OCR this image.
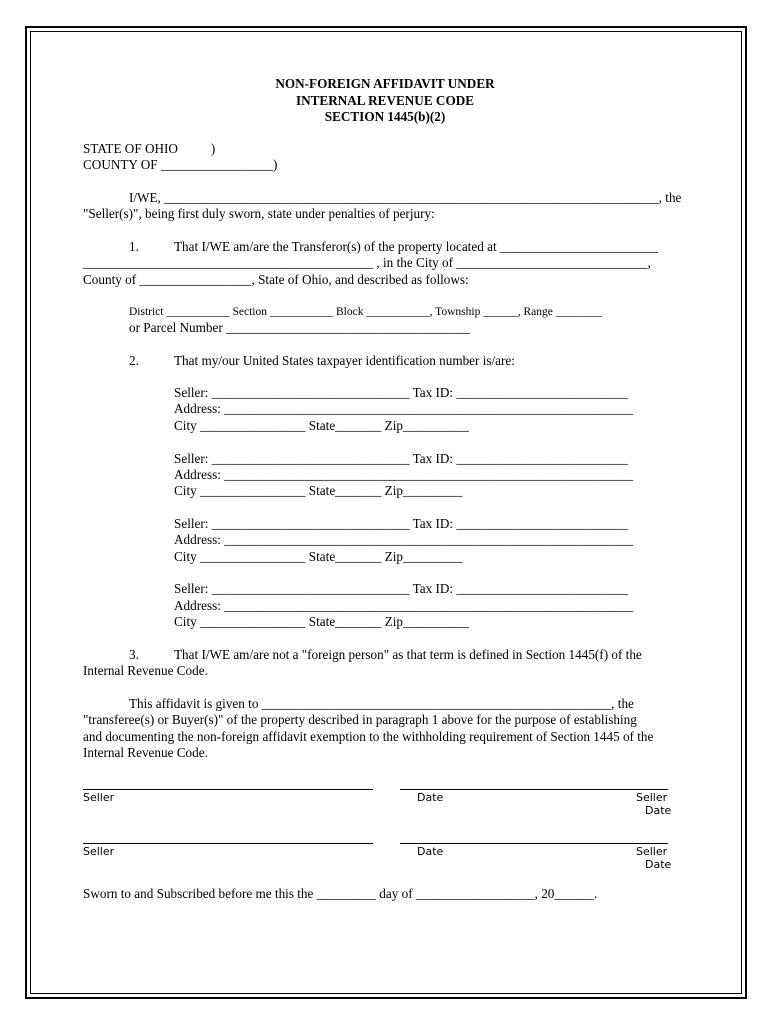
NON-FOREIGN AFFIDAVIT UNDER
INTERNAL REVENUE CODE
SECTION 1445(b)(2)
STATE OF OHIO          )
COUNTY OF _________________)
I/WE, ___________________________________________________________________________, the
"Seller(s)", being first duly sworn, state under penalties of perjury:
1.	That I/WE am/are the Transferor(s) of the property located at ________________________
____________________________________________ , in the City of _____________________________,
County of _________________, State of Ohio, and described as follows:
District ___________ Section ___________ Block ___________, Township ______, Range ________
or Parcel Number _____________________________________
2.	That my/our United States taxpayer identification number is/are:
Seller: ______________________________ Tax ID: __________________________
Address: ______________________________________________________________
City ________________ State_______ Zip__________
Seller: ______________________________ Tax ID: __________________________
Address: ______________________________________________________________
City ________________ State_______ Zip_________
Seller: ______________________________ Tax ID: __________________________
Address: ______________________________________________________________
City ________________ State_______ Zip_________
Seller: ______________________________ Tax ID: __________________________
Address: ______________________________________________________________
City ________________ State_______ Zip__________
3.	That I/WE am/are not a "foreign person" as that term is defined in Section 1445(f) of the
Internal Revenue Code.
This affidavit is given to _____________________________________________________, the
"transferee(s) or Buyer(s)" of the property described in paragraph 1 above for the purpose of establishing
and documenting the non-foreign affidavit exemption to the withholding requirement of Section 1445 of the
Internal Revenue Code.
Seller	Date	Seller
Date
Seller	Date	Seller
Date
Sworn to and Subscribed before me this the _________ day of __________________, 20______.
